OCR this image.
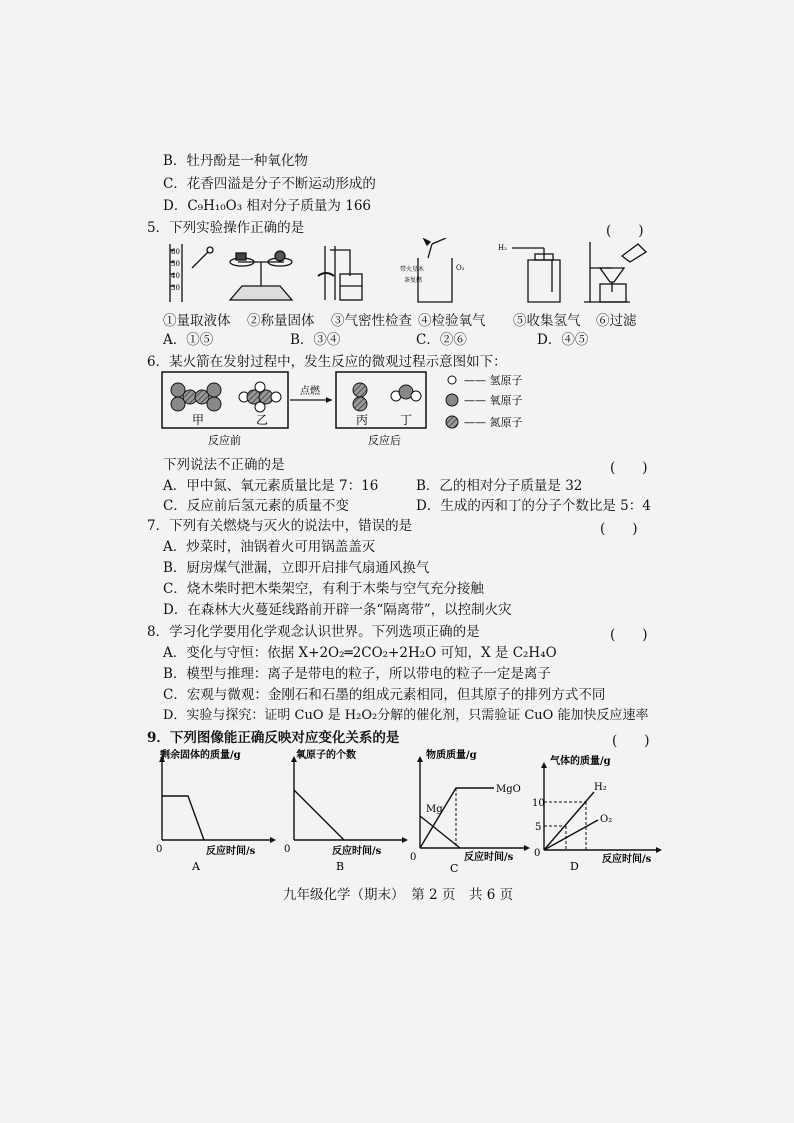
B．牡丹酚是一种氧化物
C．花香四溢是分子不断运动形成的
D．C₉H₁₀O₃ 相对分子质量为 166
5．下列实验操作正确的是	(　　)
60
50
40
30
带火星木
条复燃
O₂
H₂
①量取液体 ②称量固体 ③气密性检查 ④检验氧气 ⑤收集氢气 ⑥过滤
A．①⑤	B．③④	C．②⑥	D．④⑤
6．某火箭在发射过程中，发生反应的微观过程示意图如下：
甲	乙
点燃
丙	丁
反应前	反应后
—— 氢原子
—— 氧原子
—— 氮原子
下列说法不正确的是	(　　)
A．甲中氮、氧元素质量比是 7：16	B．乙的相对分子质量是 32
C．反应前后氢元素的质量不变	D．生成的丙和丁的分子个数比是 5：4
7．下列有关燃烧与灭火的说法中，错误的是	(　　)
A．炒菜时，油锅着火可用锅盖盖灭
B．厨房煤气泄漏，立即开启排气扇通风换气
C．烧木柴时把木柴架空，有利于木柴与空气充分接触
D．在森林大火蔓延线路前开辟一条“隔离带”，以控制火灾
8．学习化学要用化学观念认识世界。下列选项正确的是	(　　)
A．变化与守恒：依据 X+2O₂═2CO₂+2H₂O 可知，X 是 C₂H₄O
B．模型与推理：离子是带电的粒子，所以带电的粒子一定是离子
C．宏观与微观：金刚石和石墨的组成元素相同，但其原子的排列方式不同
D．实验与探究：证明 CuO 是 H₂O₂分解的催化剂，只需验证 CuO 能加快反应速率
9．下列图像能正确反映对应变化关系的是	(　　)
剩余固体的质量/g
0	反应时间/s
A
氧原子的个数
0	反应时间/s
B
物质质量/g
Mg
MgO
0	反应时间/s
C
气体的质量/g
10
5
H₂
O₂
0
反应时间/s
D
九年级化学（期末）　第 2 页　共 6 页
